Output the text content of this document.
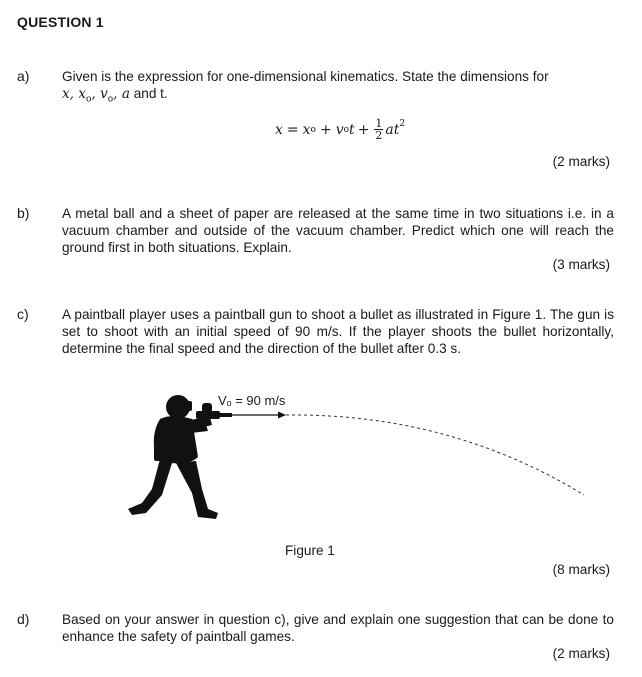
QUESTION 1
a) Given is the expression for one-dimensional kinematics. State the dimensions for
x, $x_o$, $v_o$, a and t.
x = x o + v o $t + \frac{1}{2} at^2$
(2 marks)
b) A metal ball and a sheet of paper are released at the same time in two situations i.e. in a vacuum chamber and outside of the vacuum chamber. Predict which one will reach the ground first in both situations. Explain.
(3 marks)
c) A paintball player uses a paintball gun to shoot a bullet as illustrated in Figure 1. The gun is set to shoot with an initial speed of 90 m/s. If the player shoots the bullet horizontally, determine the final speed and the direction of the bullet after 0.3 s.
Vₒ = 90 m/s
Figure 1
(8 marks)
d) Based on your answer in question c), give and explain one suggestion that can be done to enhance the safety of paintball games.
(2 marks)
